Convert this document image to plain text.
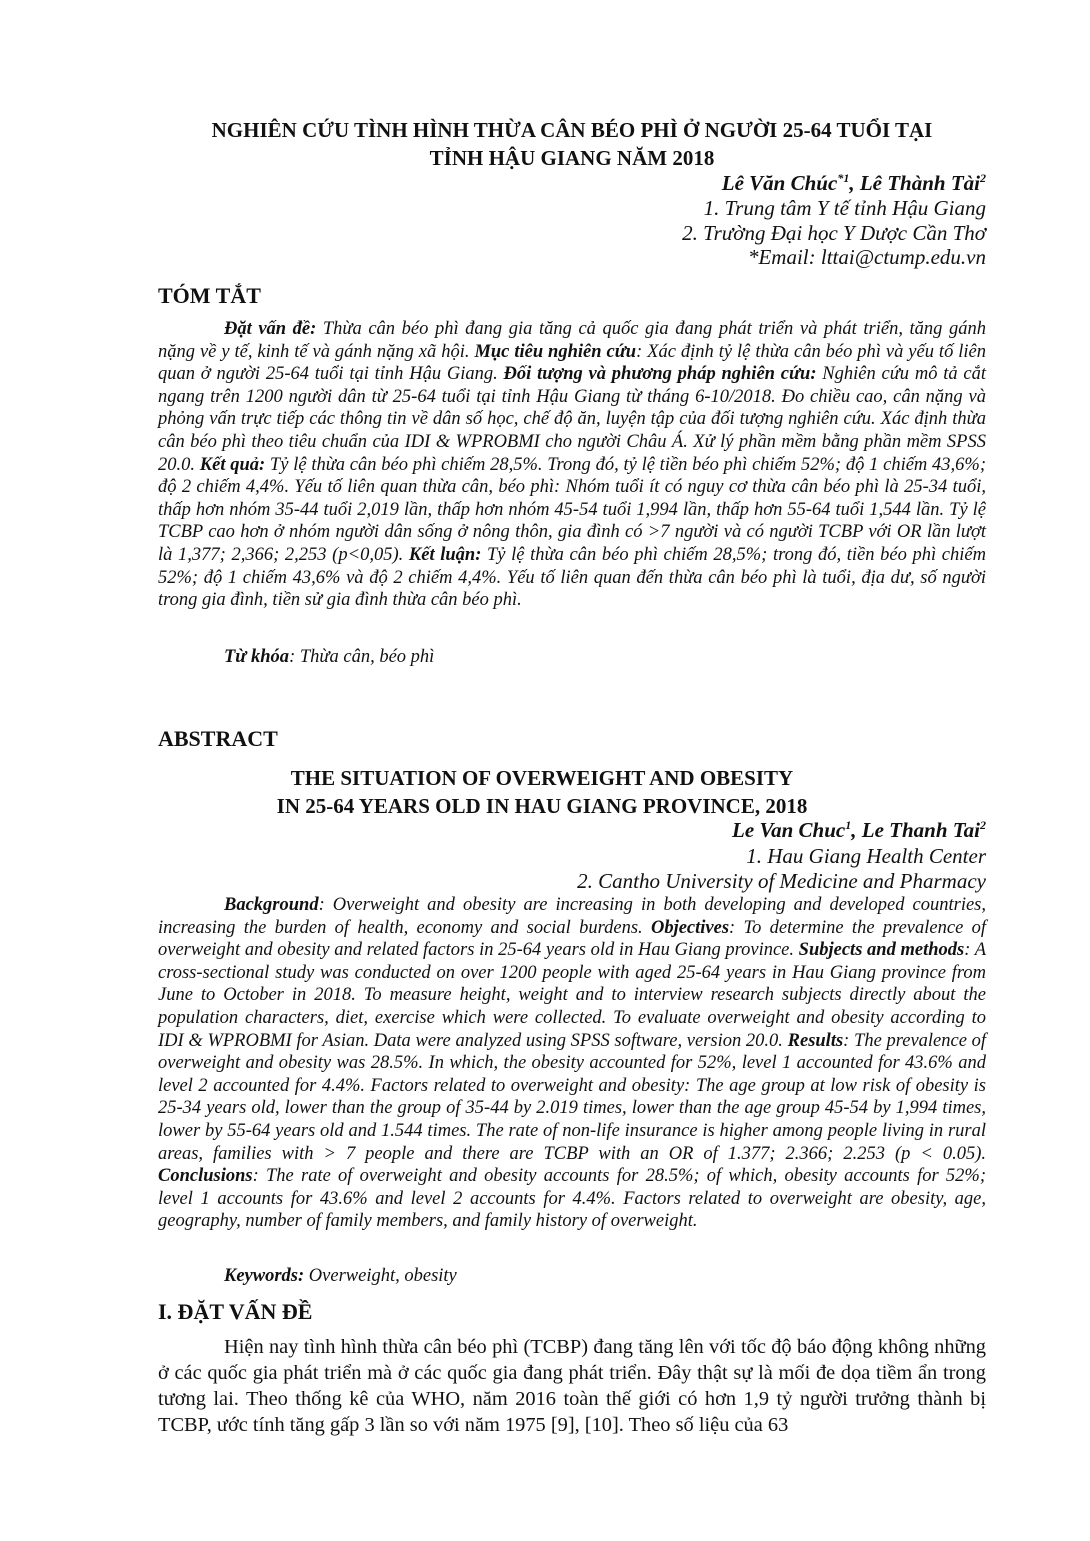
NGHIÊN CỨU TÌNH HÌNH THỪA CÂN BÉO PHÌ Ở NGƯỜI 25-64 TUỔI TẠI
TỈNH HẬU GIANG NĂM 2018
Lê Văn Chúc$^{*1}$, Lê Thành Tài$^2$
1. Trung tâm Y tế tỉnh Hậu Giang
2. Trường Đại học Y Dược Cần Thơ
*Email: lttai@ctump.edu.vn
TÓM TẮT
Đặt vấn đề: Thừa cân béo phì đang gia tăng cả quốc gia đang phát triển và phát triển, tăng gánh nặng về y tế, kinh tế và gánh nặng xã hội. Mục tiêu nghiên cứu: Xác định tỷ lệ thừa cân béo phì và yếu tố liên quan ở người 25-64 tuổi tại tỉnh Hậu Giang. Đối tượng và phương pháp nghiên cứu: Nghiên cứu mô tả cắt ngang trên 1200 người dân từ 25-64 tuổi tại tỉnh Hậu Giang từ tháng 6-10/2018. Đo chiều cao, cân nặng và phỏng vấn trực tiếp các thông tin về dân số học, chế độ ăn, luyện tập của đối tượng nghiên cứu. Xác định thừa cân béo phì theo tiêu chuẩn của IDI & WPROBMI cho người Châu Á. Xử lý phần mềm bằng phần mềm SPSS 20.0. Kết quả: Tỷ lệ thừa cân béo phì chiếm 28,5%. Trong đó, tỷ lệ tiền béo phì chiếm 52%; độ 1 chiếm 43,6%; độ 2 chiếm 4,4%. Yếu tố liên quan thừa cân, béo phì: Nhóm tuổi ít có nguy cơ thừa cân béo phì là 25-34 tuổi, thấp hơn nhóm 35-44 tuổi 2,019 lần, thấp hơn nhóm 45-54 tuổi 1,994 lần, thấp hơn 55-64 tuổi 1,544 lần. Tỷ lệ TCBP cao hơn ở nhóm người dân sống ở nông thôn, gia đình có >7 người và có người TCBP với OR lần lượt là 1,377; 2,366; 2,253 (p<0,05). Kết luận: Tỷ lệ thừa cân béo phì chiếm 28,5%; trong đó, tiền béo phì chiếm 52%; độ 1 chiếm 43,6% và độ 2 chiếm 4,4%. Yếu tố liên quan đến thừa cân béo phì là tuổi, địa dư, số người trong gia đình, tiền sử gia đình thừa cân béo phì.
Từ khóa: Thừa cân, béo phì
ABSTRACT
THE SITUATION OF OVERWEIGHT AND OBESITY
IN 25-64 YEARS OLD IN HAU GIANG PROVINCE, 2018
Le Van Chuc$^1$, Le Thanh Tai$^2$
1. Hau Giang Health Center
2. Cantho University of Medicine and Pharmacy
Background: Overweight and obesity are increasing in both developing and developed countries, increasing the burden of health, economy and social burdens. Objectives: To determine the prevalence of overweight and obesity and related factors in 25-64 years old in Hau Giang province. Subjects and methods: A cross-sectional study was conducted on over 1200 people with aged 25-64 years in Hau Giang province from June to October in 2018. To measure height, weight and to interview research subjects directly about the population characters, diet, exercise which were collected. To evaluate overweight and obesity according to IDI & WPROBMI for Asian. Data were analyzed using SPSS software, version 20.0. Results: The prevalence of overweight and obesity was 28.5%. In which, the obesity accounted for 52%, level 1 accounted for 43.6% and level 2 accounted for 4.4%. Factors related to overweight and obesity: The age group at low risk of obesity is 25-34 years old, lower than the group of 35-44 by 2.019 times, lower than the age group 45-54 by 1,994 times, lower by 55-64 years old and 1.544 times. The rate of non-life insurance is higher among people living in rural areas, families with > 7 people and there are TCBP with an OR of 1.377; 2.366; 2.253 (p < 0.05). Conclusions: The rate of overweight and obesity accounts for 28.5%; of which, obesity accounts for 52%; level 1 accounts for 43.6% and level 2 accounts for 4.4%. Factors related to overweight are obesity, age, geography, number of family members, and family history of overweight.
Keywords: Overweight, obesity
I. ĐẶT VẤN ĐỀ
Hiện nay tình hình thừa cân béo phì (TCBP) đang tăng lên với tốc độ báo động không những ở các quốc gia phát triển mà ở các quốc gia đang phát triển. Đây thật sự là mối đe dọa tiềm ẩn trong tương lai. Theo thống kê của WHO, năm 2016 toàn thế giới có hơn 1,9 tỷ người trưởng thành bị TCBP, ước tính tăng gấp 3 lần so với năm 1975 [9], [10]. Theo số liệu của 63
